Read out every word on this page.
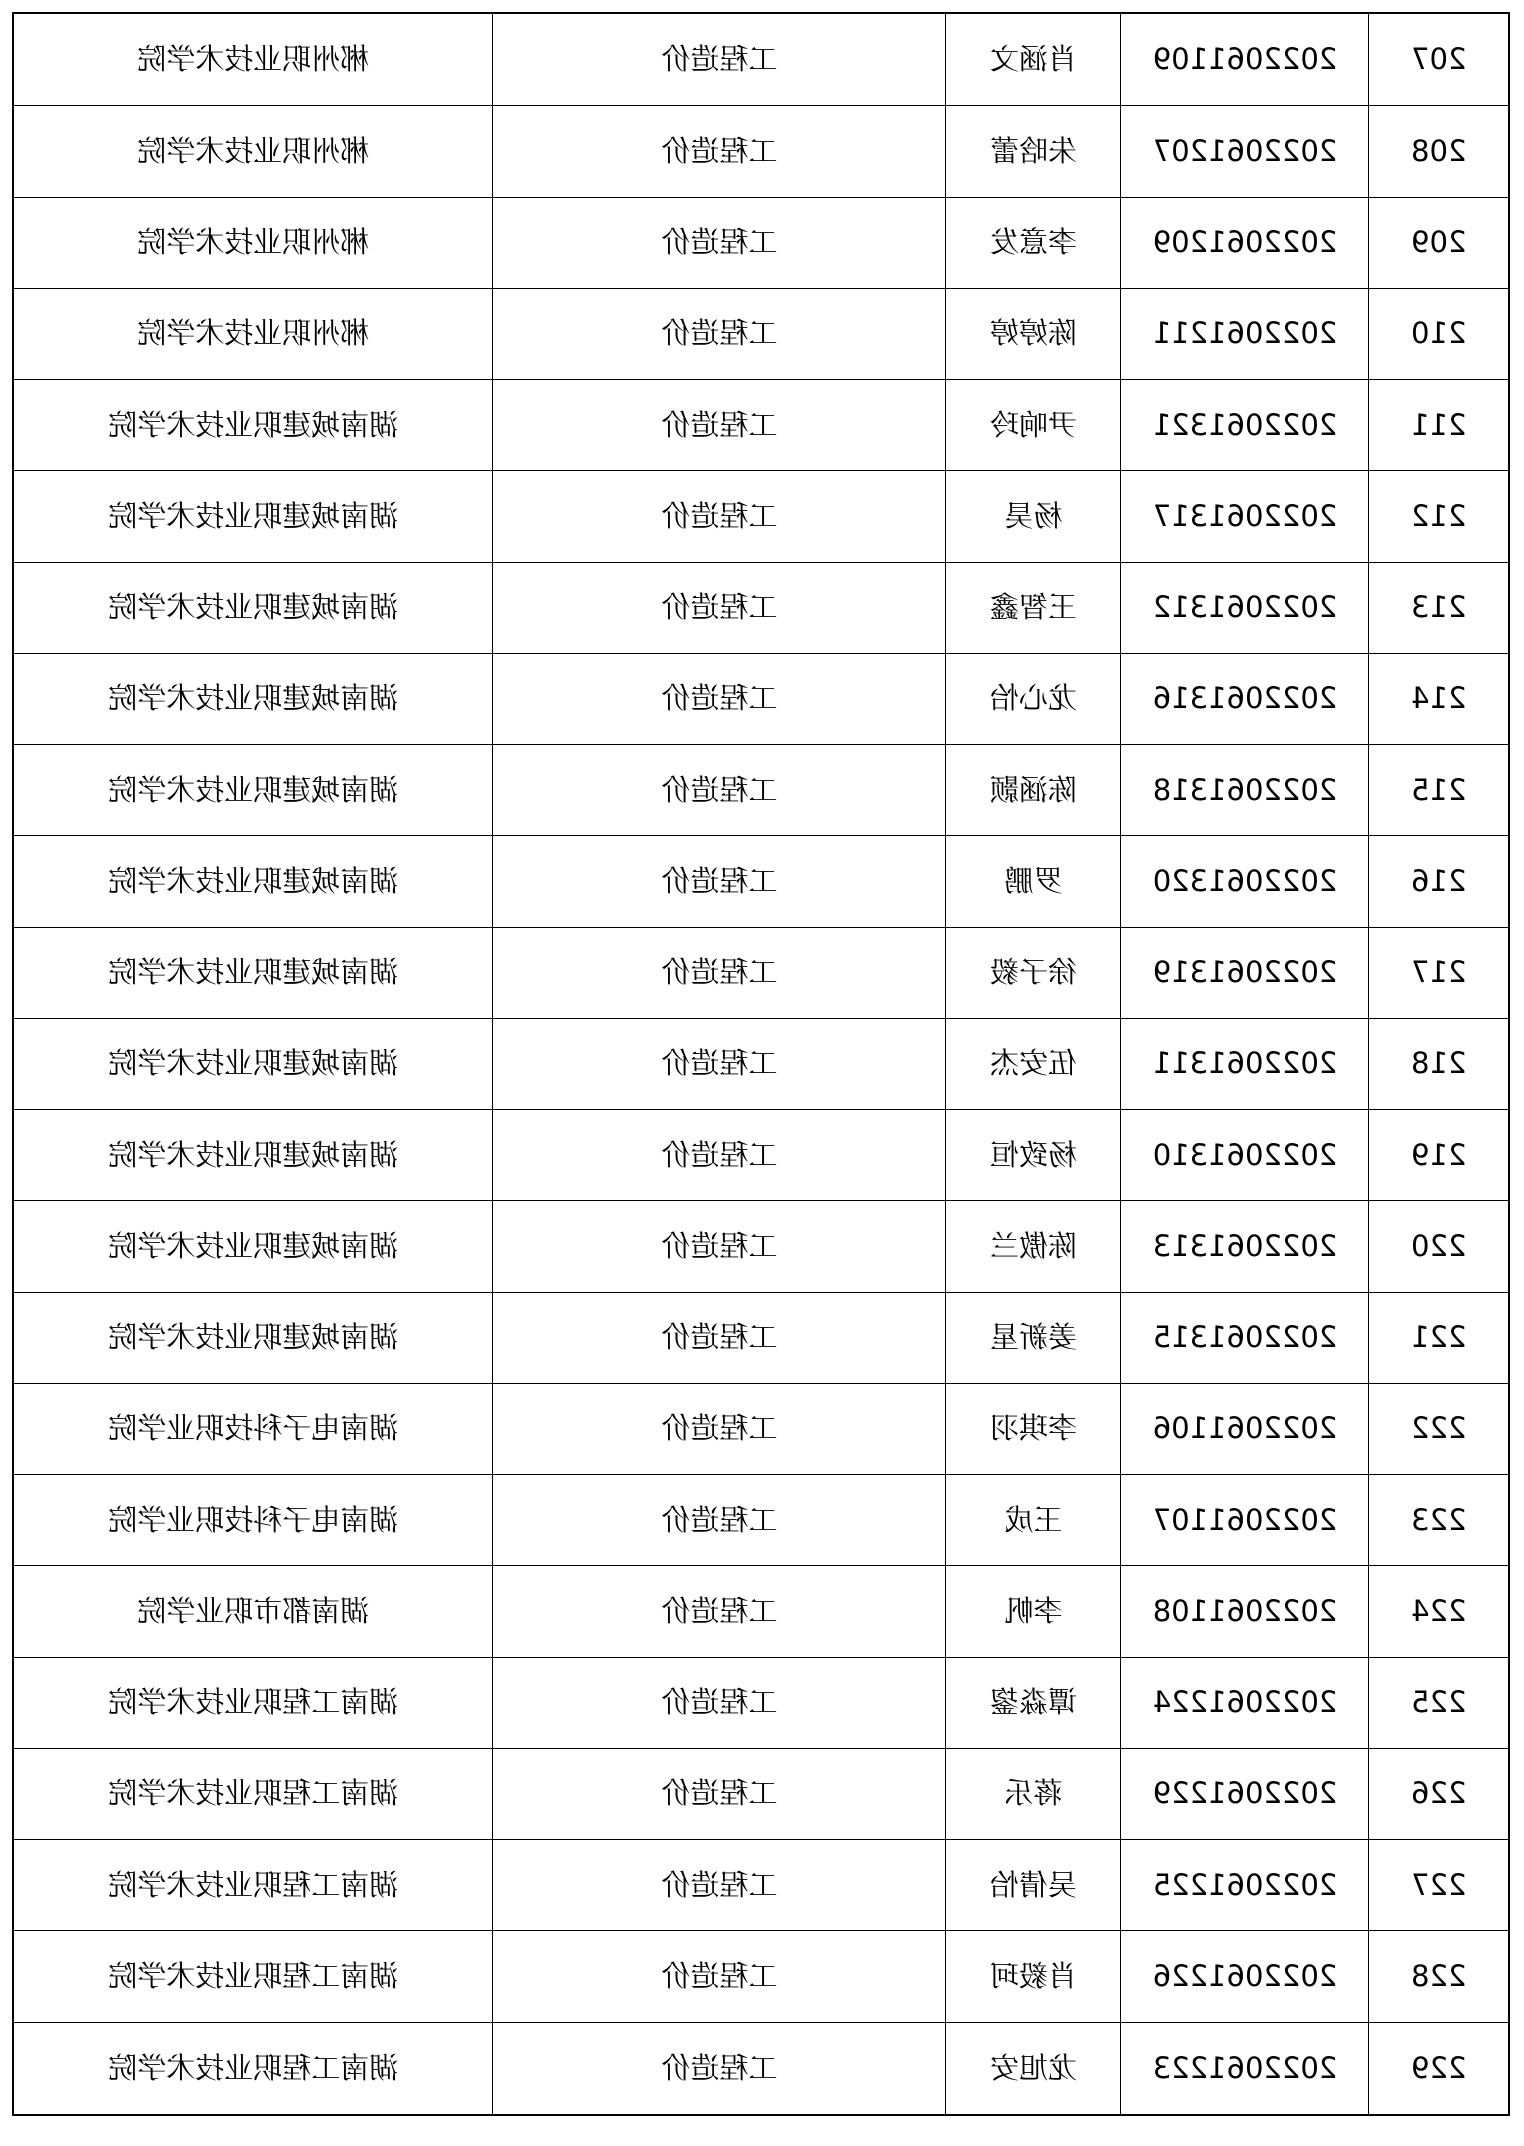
207	2022061109	肖涵文	工程造价	郴州职业技术学院
208	2022061207	朱晗蕾	工程造价	郴州职业技术学院
209	2022061209	李意发	工程造价	郴州职业技术学院
210	2022061211	陈婷婷	工程造价	郴州职业技术学院
211	2022061321	尹响玲	工程造价	湖南城建职业技术学院
212	2022061317	杨昊	工程造价	湖南城建职业技术学院
213	2022061312	王智鑫	工程造价	湖南城建职业技术学院
214	2022061316	龙心怡	工程造价	湖南城建职业技术学院
215	2022061318	陈涵颢	工程造价	湖南城建职业技术学院
216	2022061320	罗鹏	工程造价	湖南城建职业技术学院
217	2022061319	徐子毅	工程造价	湖南城建职业技术学院
218	2022061311	伍安杰	工程造价	湖南城建职业技术学院
219	2022061310	杨致恒	工程造价	湖南城建职业技术学院
220	2022061313	陈傲兰	工程造价	湖南城建职业技术学院
221	2022061315	姜新星	工程造价	湖南城建职业技术学院
222	2022061106	李琪羽	工程造价	湖南电子科技职业学院
223	2022061107	王成	工程造价	湖南电子科技职业学院
224	2022061108	李帆	工程造价	湖南都市职业学院
225	2022061224	谭淼鋆	工程造价	湖南工程职业技术学院
226	2022061229	蒋乐	工程造价	湖南工程职业技术学院
227	2022061225	吴倩怡	工程造价	湖南工程职业技术学院
228	2022061226	肖毅珂	工程造价	湖南工程职业技术学院
229	2022061223	龙旭安	工程造价	湖南工程职业技术学院
